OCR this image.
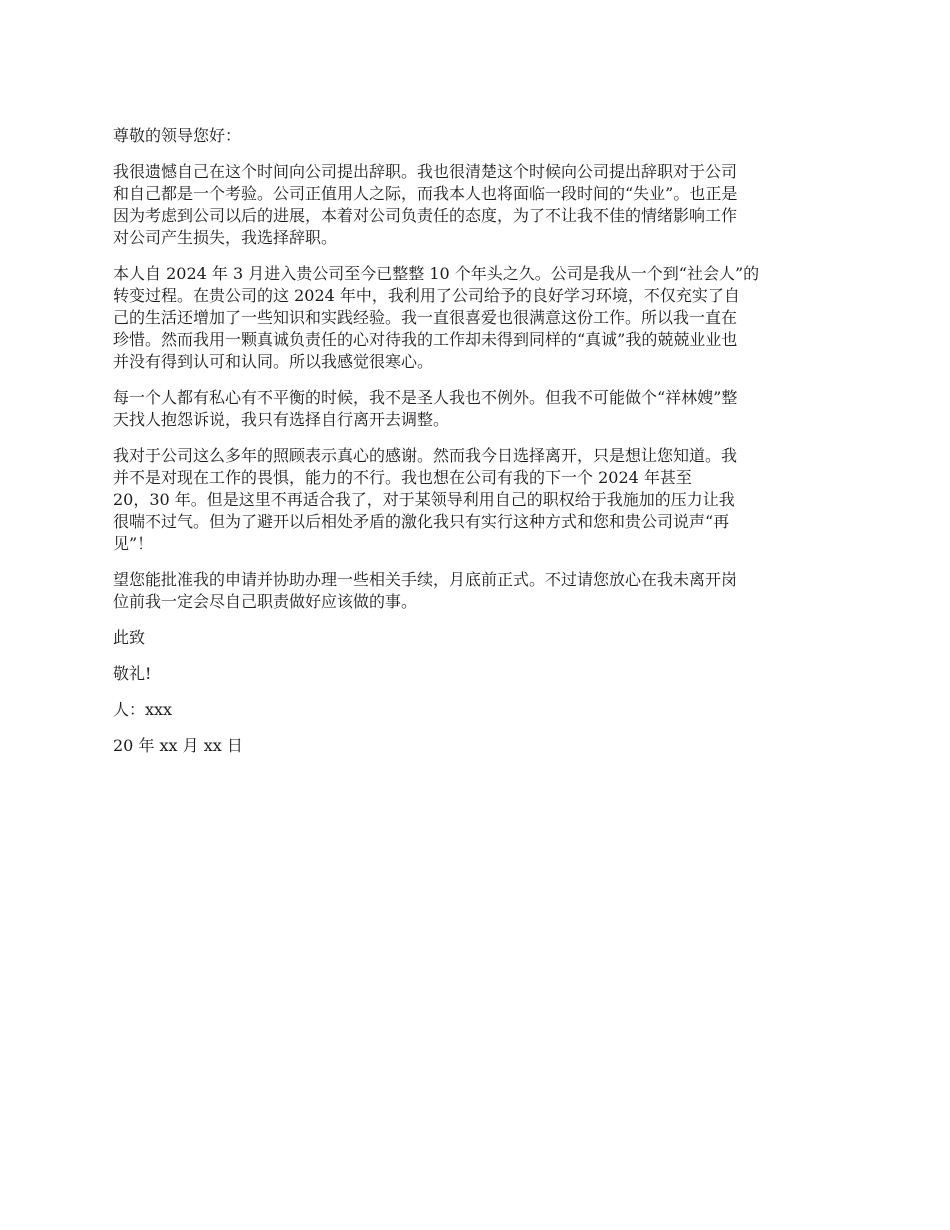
尊敬的领导您好：
我很遗憾自己在这个时间向公司提出辞职。我也很清楚这个时候向公司提出辞职对于公司
和自己都是一个考验。公司正值用人之际，而我本人也将面临一段时间的“失业”。也正是
因为考虑到公司以后的进展，本着对公司负责任的态度，为了不让我不佳的情绪影响工作
对公司产生损失，我选择辞职。
本人自 2024 年 3 月进入贵公司至今已整整 10 个年头之久。公司是我从一个到“社会人”的
转变过程。在贵公司的这 2024 年中，我利用了公司给予的良好学习环境，不仅充实了自
己的生活还增加了一些知识和实践经验。我一直很喜爱也很满意这份工作。所以我一直在
珍惜。然而我用一颗真诚负责任的心对待我的工作却未得到同样的“真诚”我的兢兢业业也
并没有得到认可和认同。所以我感觉很寒心。
每一个人都有私心有不平衡的时候，我不是圣人我也不例外。但我不可能做个“祥林嫂”整
天找人抱怨诉说，我只有选择自行离开去调整。
我对于公司这么多年的照顾表示真心的感谢。然而我今日选择离开，只是想让您知道。我
并不是对现在工作的畏惧，能力的不行。我也想在公司有我的下一个 2024 年甚至
20，30 年。但是这里不再适合我了，对于某领导利用自己的职权给于我施加的压力让我
很喘不过气。但为了避开以后相处矛盾的激化我只有实行这种方式和您和贵公司说声“再
见”！
望您能批准我的申请并协助办理一些相关手续，月底前正式。不过请您放心在我未离开岗
位前我一定会尽自己职责做好应该做的事。
此致
敬礼!
人：xxx
20 年 xx 月 xx 日
